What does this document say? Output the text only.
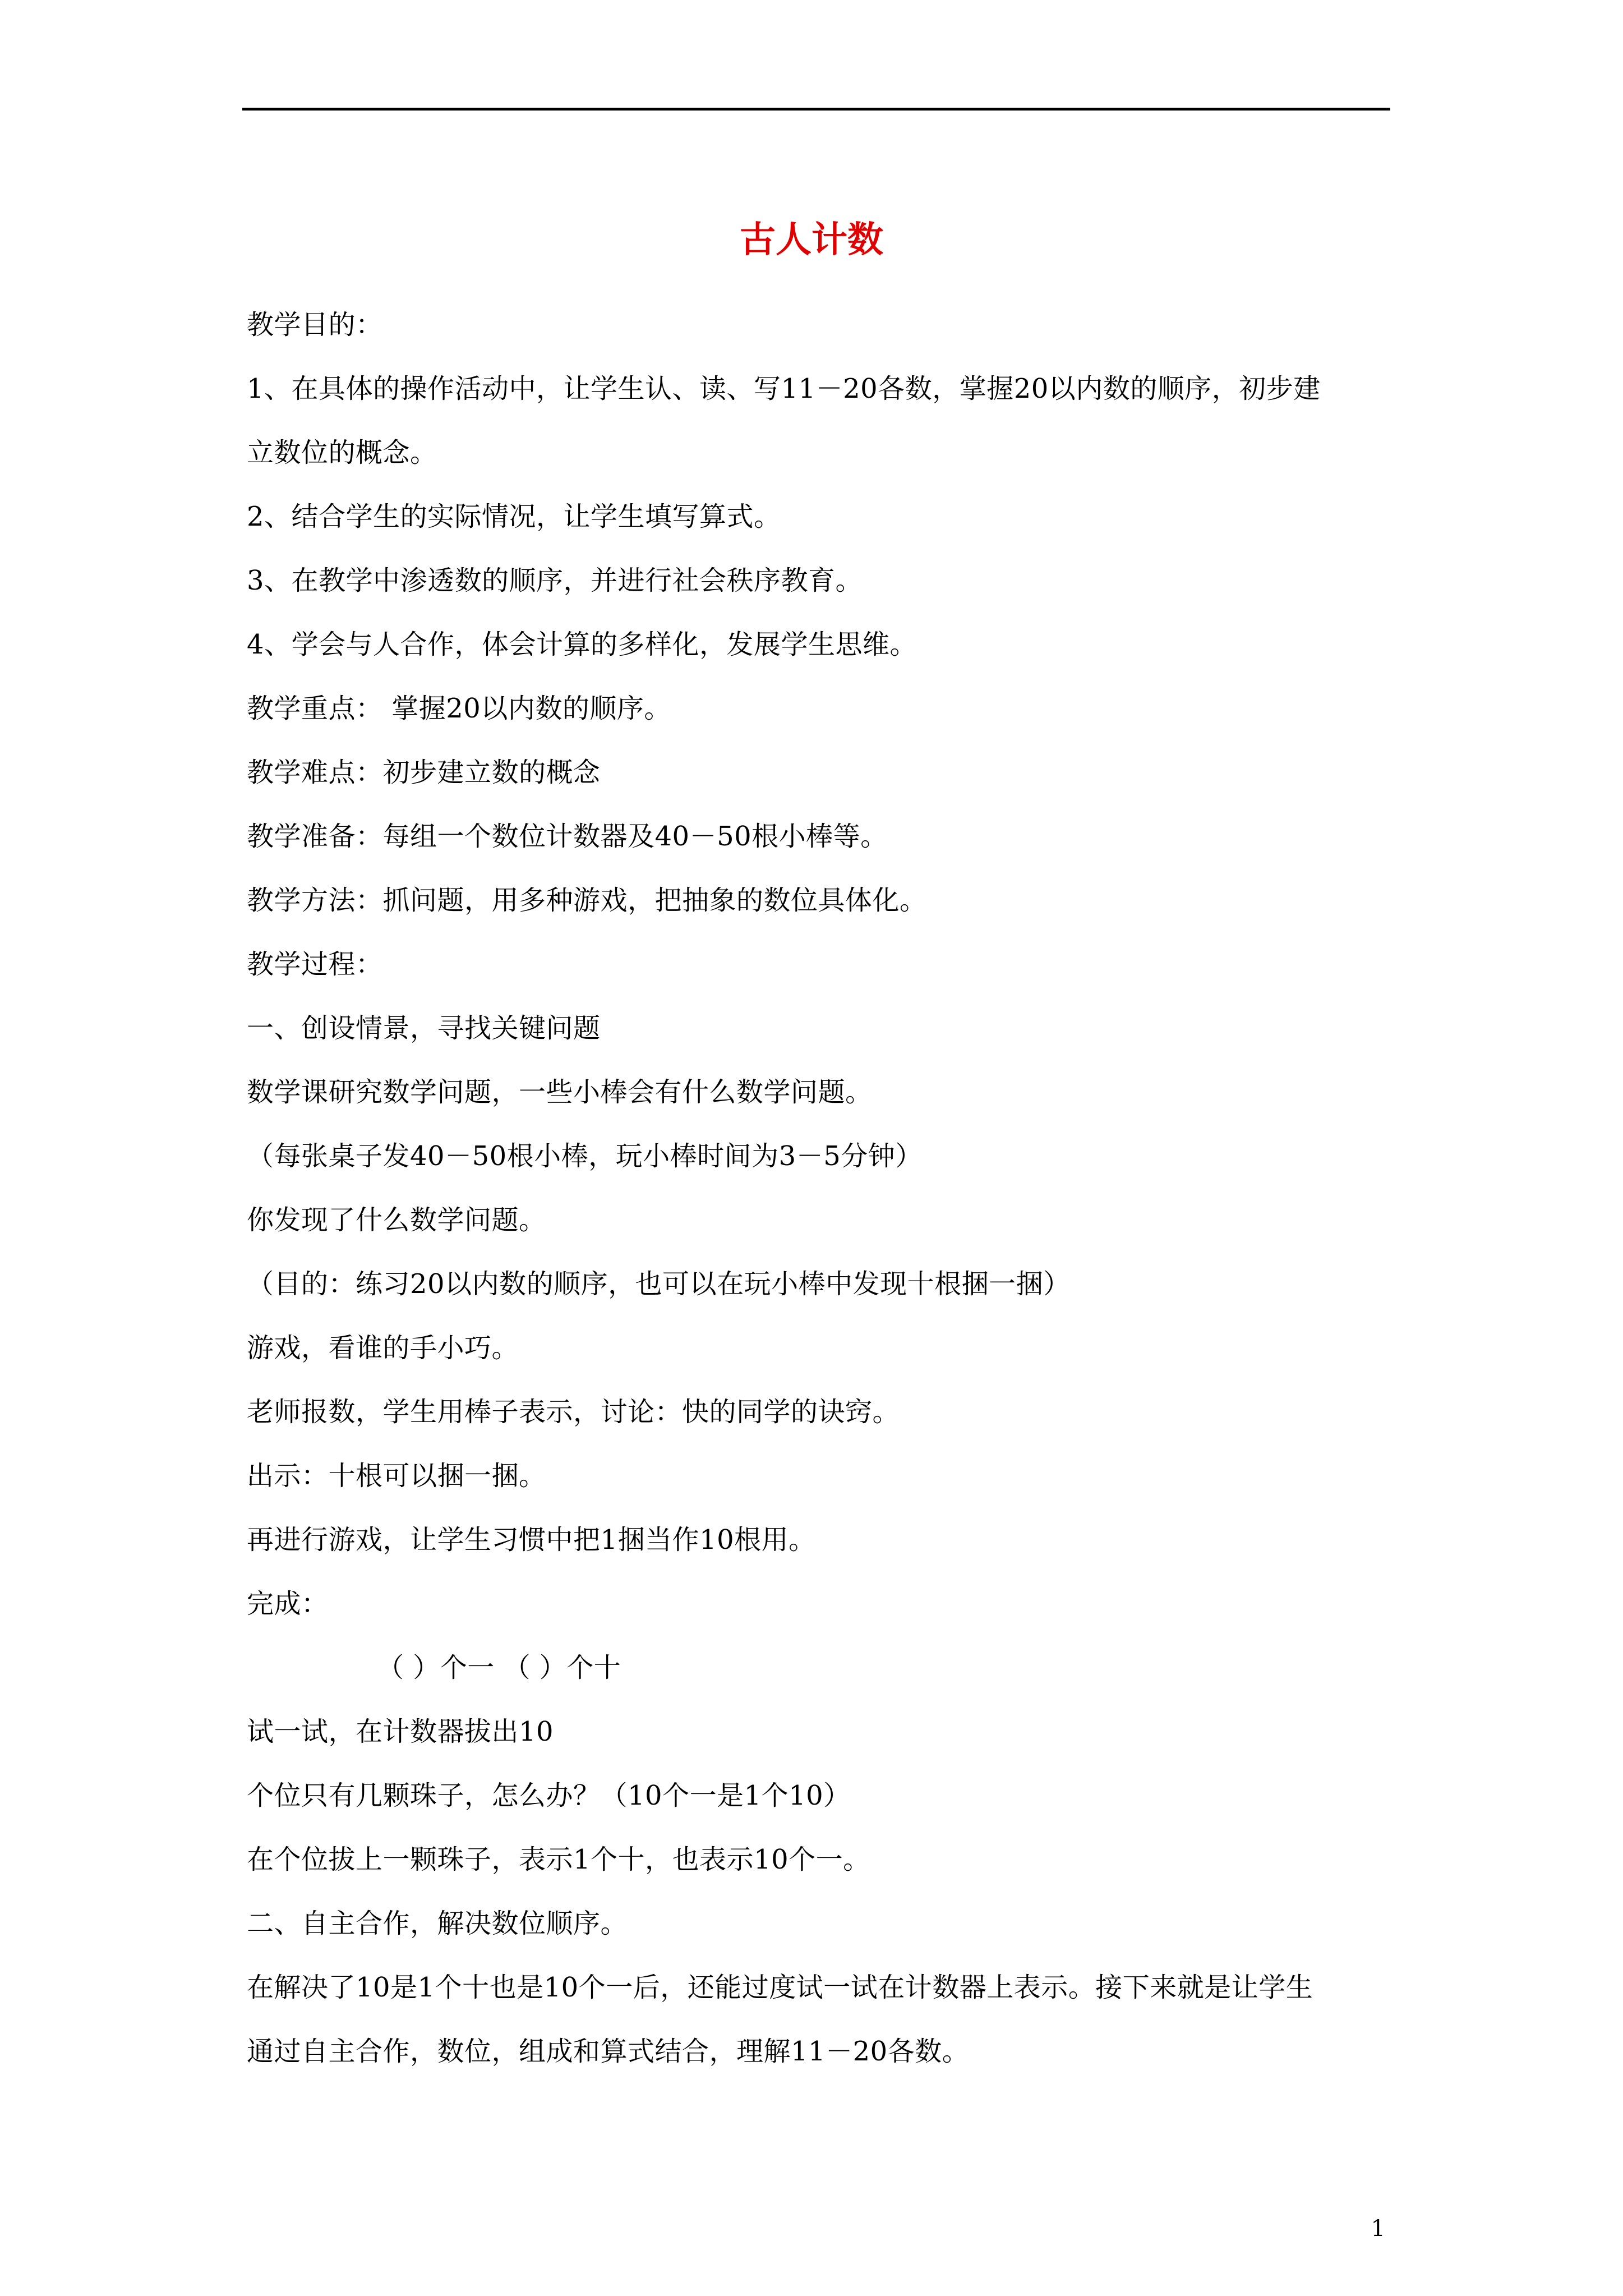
古人计数
教学目的：
1、在具体的操作活动中，让学生认、读、写11－20各数，掌握20以内数的顺序，初步建
立数位的概念。
2、结合学生的实际情况，让学生填写算式。
3、在教学中渗透数的顺序，并进行社会秩序教育。
4、学会与人合作，体会计算的多样化，发展学生思维。
教学重点： 掌握20以内数的顺序。
教学难点：初步建立数的概念
教学准备：每组一个数位计数器及40－50根小棒等。
教学方法：抓问题，用多种游戏，把抽象的数位具体化。
教学过程：
一、创设情景，寻找关键问题
数学课研究数学问题，一些小棒会有什么数学问题。
（每张桌子发40－50根小棒，玩小棒时间为3－5分钟）
你发现了什么数学问题。
（目的：练习20以内数的顺序，也可以在玩小棒中发现十根捆一捆）
游戏，看谁的手小巧。
老师报数，学生用棒子表示，讨论：快的同学的诀窍。
出示：十根可以捆一捆。
再进行游戏，让学生习惯中把1捆当作10根用。
完成：
（ ）个一 （ ）个十
试一试，在计数器拔出10
个位只有几颗珠子，怎么办？（10个一是1个10）
在个位拔上一颗珠子，表示1个十，也表示10个一。
二、自主合作，解决数位顺序。
在解决了10是1个十也是10个一后，还能过度试一试在计数器上表示。接下来就是让学生
通过自主合作，数位，组成和算式结合，理解11－20各数。
1
